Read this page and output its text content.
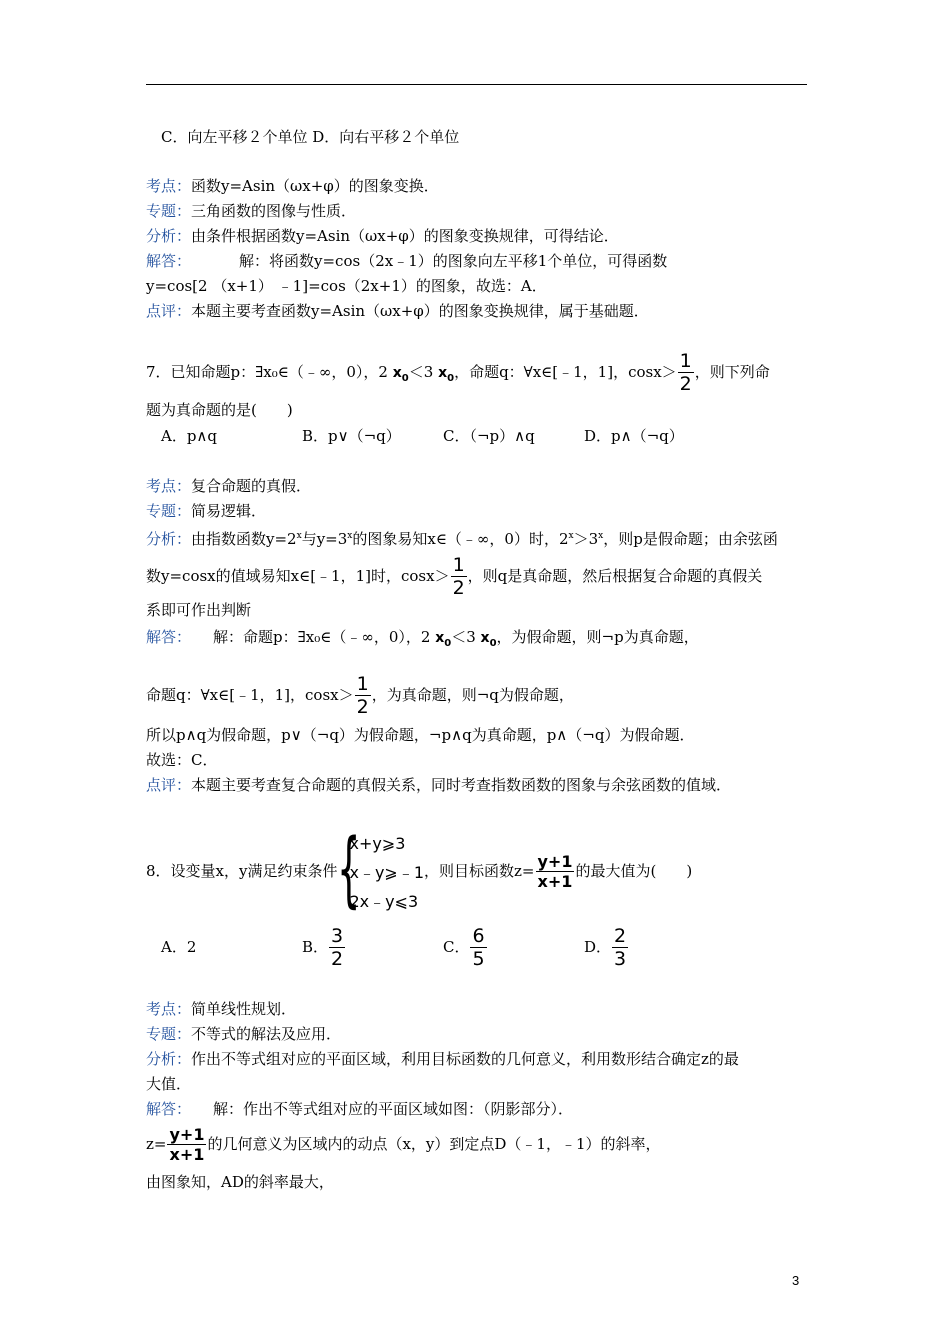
C．向左平移２个单位 D．向右平移２个单位
考点：函数y=Asin（ωx+φ）的图象变换．
专题：三角函数的图像与性质．
分析：由条件根据函数y=Asin（ωx+φ）的图象变换规律，可得结论．
解答：	解：将函数y=cos（2x﹣1）的图象向左平移1个单位，可得函数
y=cos[2 （x+1） ﹣1]=cos（2x+1）的图象，故选：A．
点评：本题主要考查函数y=Asin（ωx+φ）的图象变换规律，属于基础题．
7．已知命题p：∃x₀∈（﹣∞，0），2 $x_0<3$ $x_0$，命题q：∀x∈[﹣1，1]，$\cos x> \frac{1}{2}$ ，则下列命
题为真命题的是(　　)
A．p∧q	B．p∨（¬q）	C．（¬p）∧q	D．p∧（¬q）
考点：复合命题的真假．
专题：简易逻辑．
分析：由指数函数$y=2^x$与$y=3^x$的图象易知x∈（﹣∞，0）时，$2^x>3^x$，则p是假命题；由余弦函
数y=cosx的值域易知x∈[﹣1，1]时，$\cos x> \frac{1}{2}$ ，则q是真命题，然后根据复合命题的真假关
系即可作出判断
解答： 解：命题p：∃x₀∈（﹣∞，0），2 $x_0<3$ $x_0$，为假命题，则¬p为真命题，
命题q：∀x∈[﹣1，1]，$\cos x> \frac{1}{2}$ ，为真命题，则¬q为假命题，
所以p∧q为假命题，p∨（¬q）为假命题，¬p∧q为真命题，p∧（¬q）为假命题．
故选：C．
点评：本题主要考查复合命题的真假关系，同时考查指数函数的图象与余弦函数的值域．
8．设变量x，y满足约束条件 {
x+y⩾3
x﹣y⩾﹣1
2x﹣y⩽3
，则目标函数$z= \frac{y+1}{x+1}$ 的最大值为(　　)
A．2	B． $\frac{3}{2}$	C． $\frac{6}{5}$	D． $\frac{2}{3}$
考点：简单线性规划．
专题：不等式的解法及应用．
分析：作出不等式组对应的平面区域，利用目标函数的几何意义，利用数形结合确定z的最
大值．
解答： 解：作出不等式组对应的平面区域如图：（阴影部分）．
$z= \frac{y+1}{x+1}$ 的几何意义为区域内的动点（x，y）到定点D（﹣1，﹣1）的斜率，
由图象知，AD的斜率最大，
3
